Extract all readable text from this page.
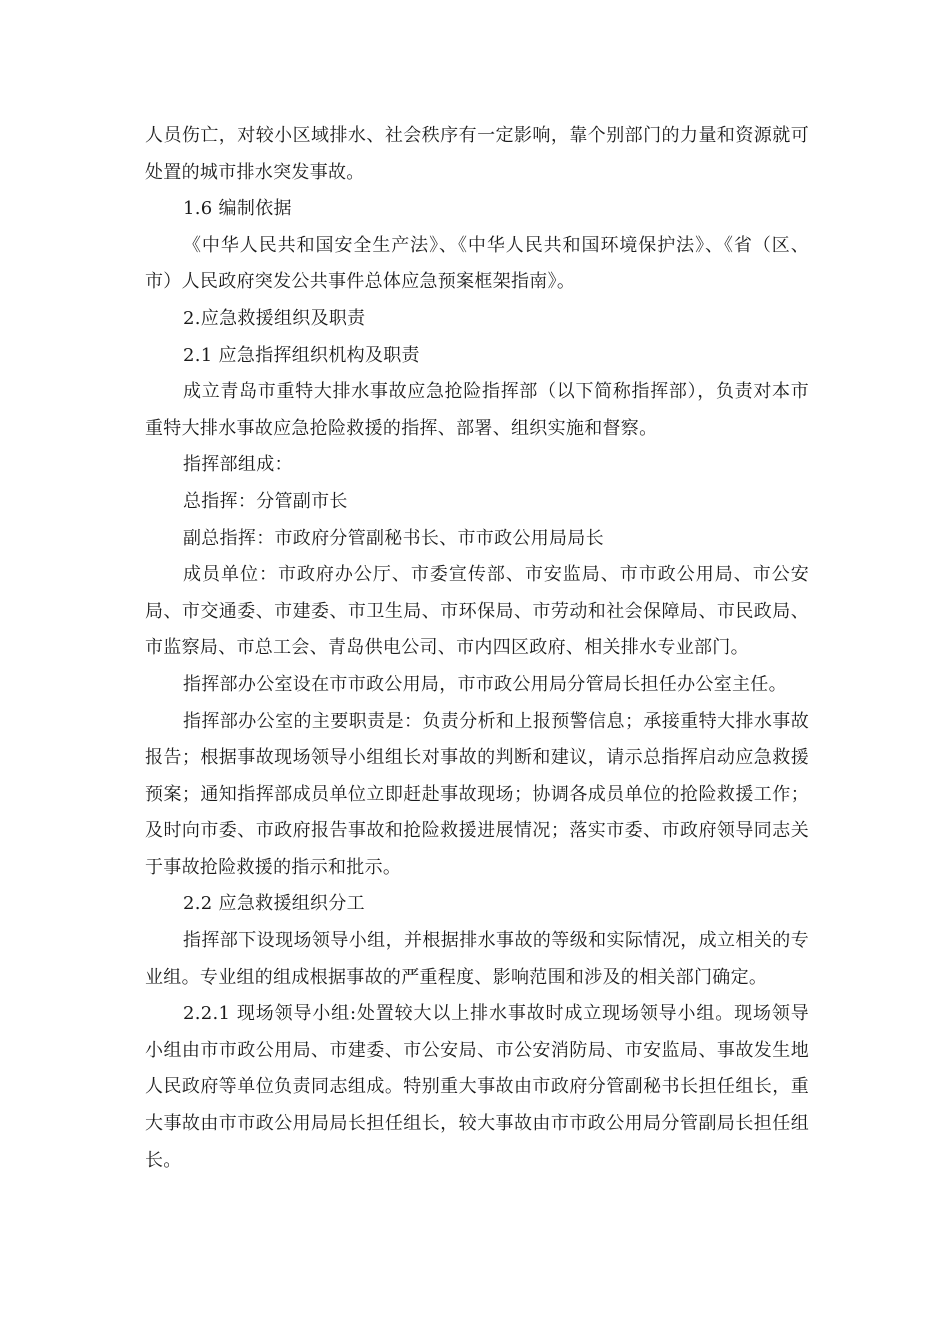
人员伤亡，对较小区域排水、社会秩序有一定影响，靠个别部门的力量和资源就可处置的城市排水突发事故。

1.6 编制依据

《中华人民共和国安全生产法》、《中华人民共和国环境保护法》、《省（区、市）人民政府突发公共事件总体应急预案框架指南》。

2.应急救援组织及职责

2.1 应急指挥组织机构及职责

成立青岛市重特大排水事故应急抢险指挥部（以下简称指挥部），负责对本市重特大排水事故应急抢险救援的指挥、部署、组织实施和督察。

指挥部组成：

总指挥：分管副市长

副总指挥：市政府分管副秘书长、市市政公用局局长

成员单位：市政府办公厅、市委宣传部、市安监局、市市政公用局、市公安局、市交通委、市建委、市卫生局、市环保局、市劳动和社会保障局、市民政局、市监察局、市总工会、青岛供电公司、市内四区政府、相关排水专业部门。

指挥部办公室设在市市政公用局，市市政公用局分管局长担任办公室主任。

指挥部办公室的主要职责是：负责分析和上报预警信息；承接重特大排水事故报告；根据事故现场领导小组组长对事故的判断和建议，请示总指挥启动应急救援预案；通知指挥部成员单位立即赶赴事故现场；协调各成员单位的抢险救援工作；及时向市委、市政府报告事故和抢险救援进展情况；落实市委、市政府领导同志关于事故抢险救援的指示和批示。

2.2 应急救援组织分工

指挥部下设现场领导小组，并根据排水事故的等级和实际情况，成立相关的专业组。专业组的组成根据事故的严重程度、影响范围和涉及的相关部门确定。

2.2.1 现场领导小组:处置较大以上排水事故时成立现场领导小组。现场领导小组由市市政公用局、市建委、市公安局、市公安消防局、市安监局、事故发生地人民政府等单位负责同志组成。特别重大事故由市政府分管副秘书长担任组长，重大事故由市市政公用局局长担任组长，较大事故由市市政公用局分管副局长担任组长。
